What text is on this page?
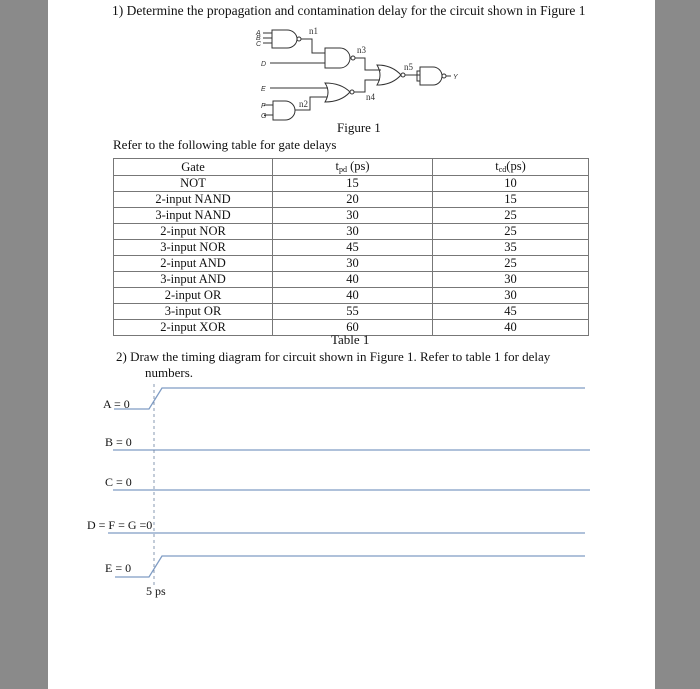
1) Determine the propagation and contamination delay for the circuit shown in Figure 1
A
B
C
D
E
F
G
Y
n1
n2
n3
n4
n5
Figure 1
Refer to the following table for gate delays
Gate	$t_{pd}$ (ps)	$t_{cd}(ps)$
NOT	15	10
2-input NAND	20	15
3-input NAND	30	25
2-input NOR	30	25
3-input NOR	45	35
2-input AND	30	25
3-input AND	40	30
2-input OR	40	30
3-input OR	55	45
2-input XOR	60	40
Table 1
2) Draw the timing diagram for circuit shown in Figure 1. Refer to table 1 for delay
numbers.
A = 0
B = 0
C = 0
D = F = G =0
E = 0
5 ps
